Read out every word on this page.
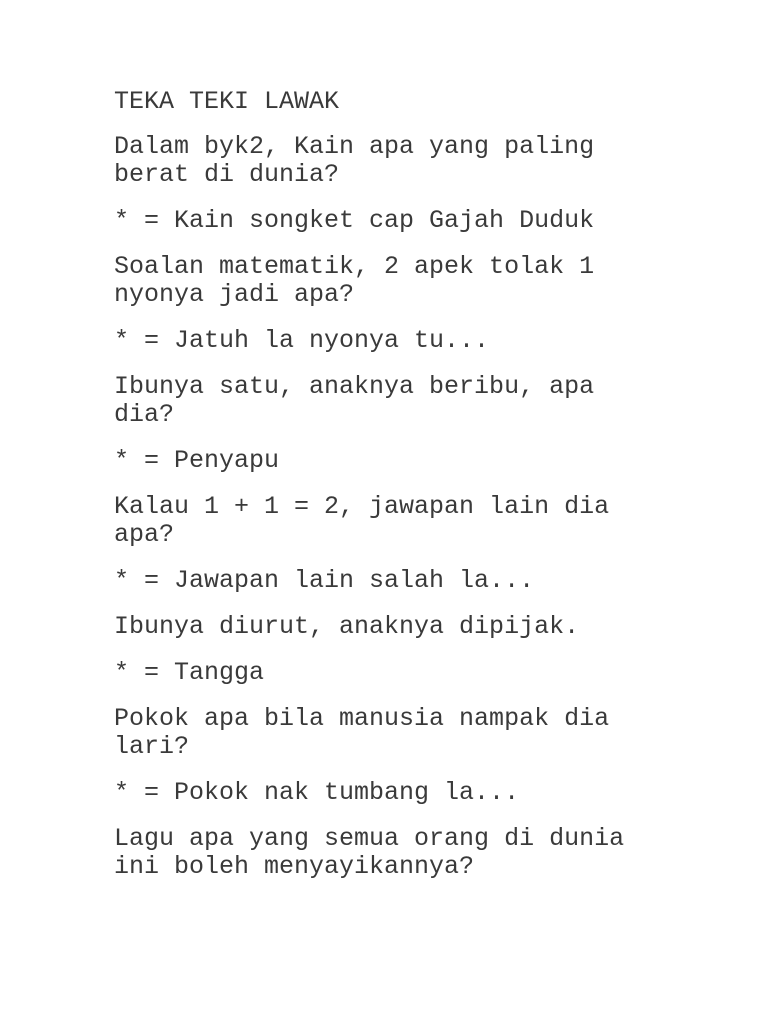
TEKA TEKI LAWAK
Dalam byk2, Kain apa yang paling
berat di dunia?
* = Kain songket cap Gajah Duduk
Soalan matematik, 2 apek tolak 1
nyonya jadi apa?
* = Jatuh la nyonya tu...
Ibunya satu, anaknya beribu, apa
dia?
* = Penyapu
Kalau 1 + 1 = 2, jawapan lain dia
apa?
* = Jawapan lain salah la...
Ibunya diurut, anaknya dipijak.
* = Tangga
Pokok apa bila manusia nampak dia
lari?
* = Pokok nak tumbang la...
Lagu apa yang semua orang di dunia
ini boleh menyayikannya?
